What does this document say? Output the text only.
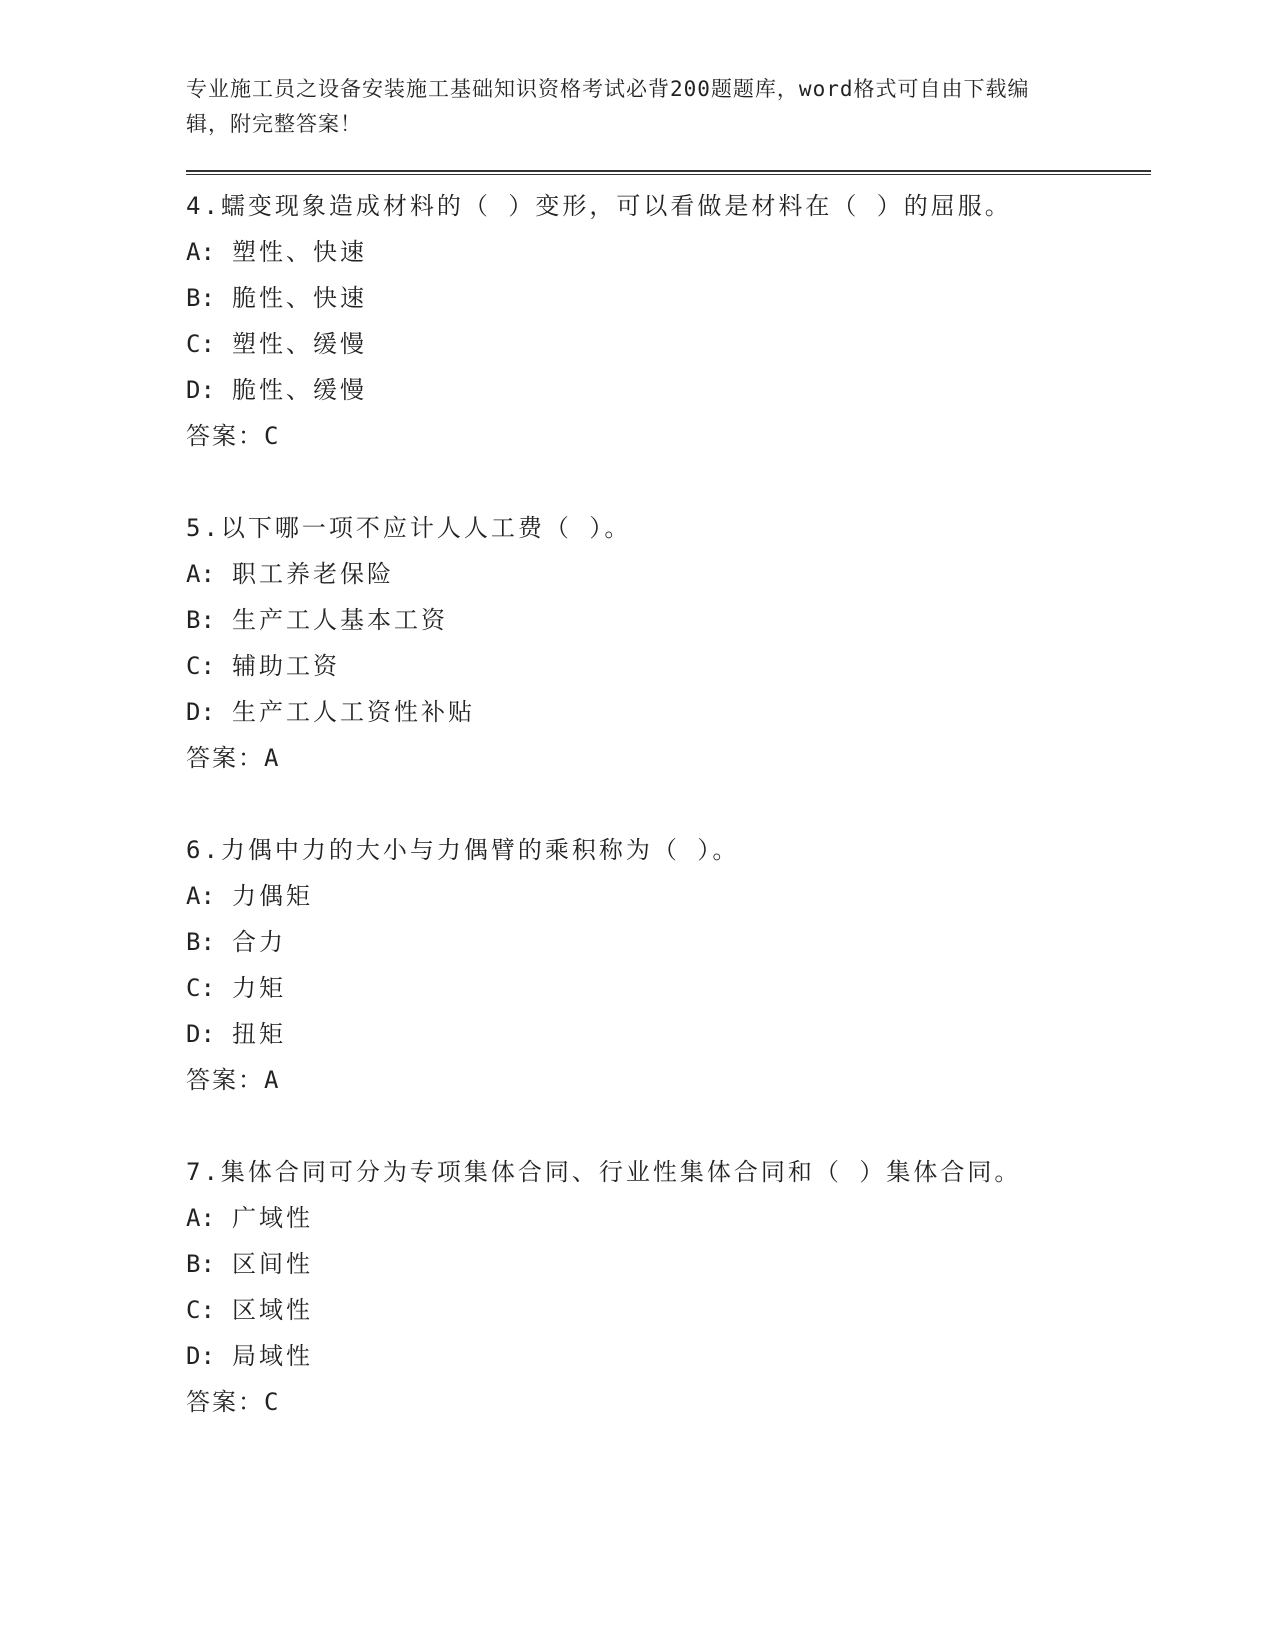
专业施工员之设备安装施工基础知识资格考试必背200题题库，word格式可自由下载编辑，附完整答案！
4.蠕变现象造成材料的（ ）变形，可以看做是材料在（ ）的屈服。
A: 塑性、快速
B: 脆性、快速
C: 塑性、缓慢
D: 脆性、缓慢
答案：C
5.以下哪一项不应计人人工费（ ）。
A: 职工养老保险
B: 生产工人基本工资
C: 辅助工资
D: 生产工人工资性补贴
答案：A
6.力偶中力的大小与力偶臂的乘积称为（ ）。
A: 力偶矩
B: 合力
C: 力矩
D: 扭矩
答案：A
7.集体合同可分为专项集体合同、行业性集体合同和（ ）集体合同。
A: 广域性
B: 区间性
C: 区域性
D: 局域性
答案：C
